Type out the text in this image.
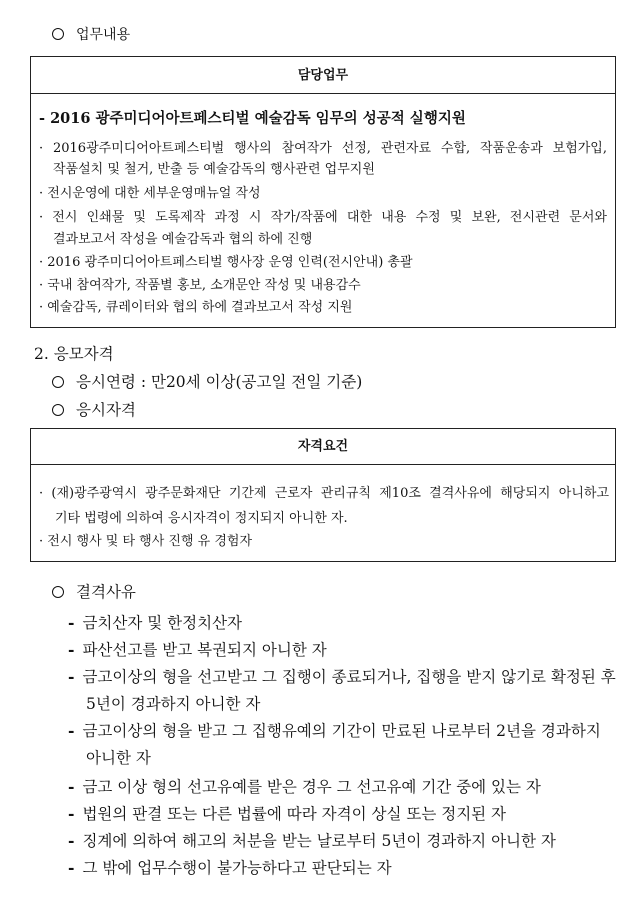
업무내용
담당업무
- 2016 광주미디어아트페스티벌 예술감독 임무의 성공적 실행지원
· 2016광주미디어아트페스티벌 행사의 참여작가 선정, 관련자료 수합, 작품운송과 보험가입,
작품설치 및 철거, 반출 등 예술감독의 행사관련 업무지원
· 전시운영에 대한 세부운영매뉴얼 작성
· 전시 인쇄물 및 도록제작 과정 시 작가/작품에 대한 내용 수정 및 보완, 전시관련 문서와
결과보고서 작성을 예술감독과 협의 하에 진행
· 2016 광주미디어아트페스티벌 행사장 운영 인력(전시안내) 총괄
· 국내 참여작가, 작품별 홍보, 소개문안 작성 및 내용감수
· 예술감독, 큐레이터와 협의 하에 결과보고서 작성 지원
2. 응모자격
응시연령 : 만20세 이상(공고일 전일 기준)
응시자격
자격요건
· (재)광주광역시 광주문화재단 기간제 근로자 관리규칙 제10조 결격사유에 해당되지 아니하고
기타 법령에 의하여 응시자격이 정지되지 아니한 자.
· 전시 행사 및 타 행사 진행 유 경험자
결격사유
- 금치산자 및 한정치산자
- 파산선고를 받고 복권되지 아니한 자
- 금고이상의 형을 선고받고 그 집행이 종료되거나, 집행을 받지 않기로 확정된 후
5년이 경과하지 아니한 자
- 금고이상의 형을 받고 그 집행유예의 기간이 만료된 나로부터 2년을 경과하지
아니한 자
- 금고 이상 형의 선고유예를 받은 경우 그 선고유예 기간 중에 있는 자
- 법원의 판결 또는 다른 법률에 따라 자격이 상실 또는 정지된 자
- 징계에 의하여 해고의 처분을 받는 날로부터 5년이 경과하지 아니한 자
- 그 밖에 업무수행이 불가능하다고 판단되는 자
